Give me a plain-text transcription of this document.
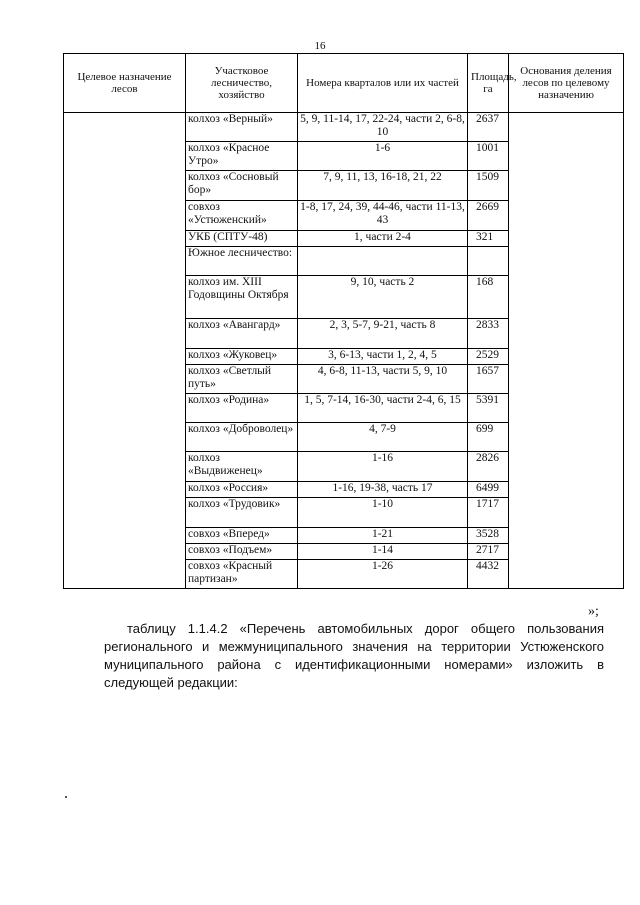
16
Целевое назначение лесов	Участковое лесничество, хозяйство	Номера кварталов или их частей	Площадь, га	Основания деления лесов по целевому назначению
	колхоз «Верный»	5, 9, 11-14, 17, 22-24, части 2, 6-8, 10	2637	
	колхоз «Красное Утро»	1-6	1001	
	колхоз «Сосновый бор»	7, 9, 11, 13, 16-18, 21, 22	1509	
	совхоз «Устюженский»	1-8, 17, 24, 39, 44-46, части 11-13, 43	2669	
	УКБ (СПТУ-48)	1, части 2-4	321	
	Южное лесничество:			
	колхоз им. XIII Годовщины Октября	9, 10, часть 2	168	
	колхоз «Авангард»	2, 3, 5-7, 9-21, часть 8	2833	
	колхоз «Жуковец»	3, 6-13, части 1, 2, 4, 5	2529	
	колхоз «Светлый путь»	4, 6-8, 11-13, части 5, 9, 10	1657	
	колхоз «Родина»	1, 5, 7-14, 16-30, части 2-4, 6, 15	5391	
	колхоз «Доброволец»	4, 7-9	699	
	колхоз «Выдвиженец»	1-16	2826	
	колхоз «Россия»	1-16, 19-38, часть 17	6499	
	колхоз «Трудовик»	1-10	1717	
	совхоз «Вперед»	1-21	3528	
	совхоз «Подъем»	1-14	2717	
	совхоз «Красный партизан»	1-26	4432	
»;

таблицу 1.1.4.2 «Перечень автомобильных дорог общего пользования регионального и межмуниципального значения на территории Устюженского муниципального района с идентификационными номерами» изложить в следующей редакции:
